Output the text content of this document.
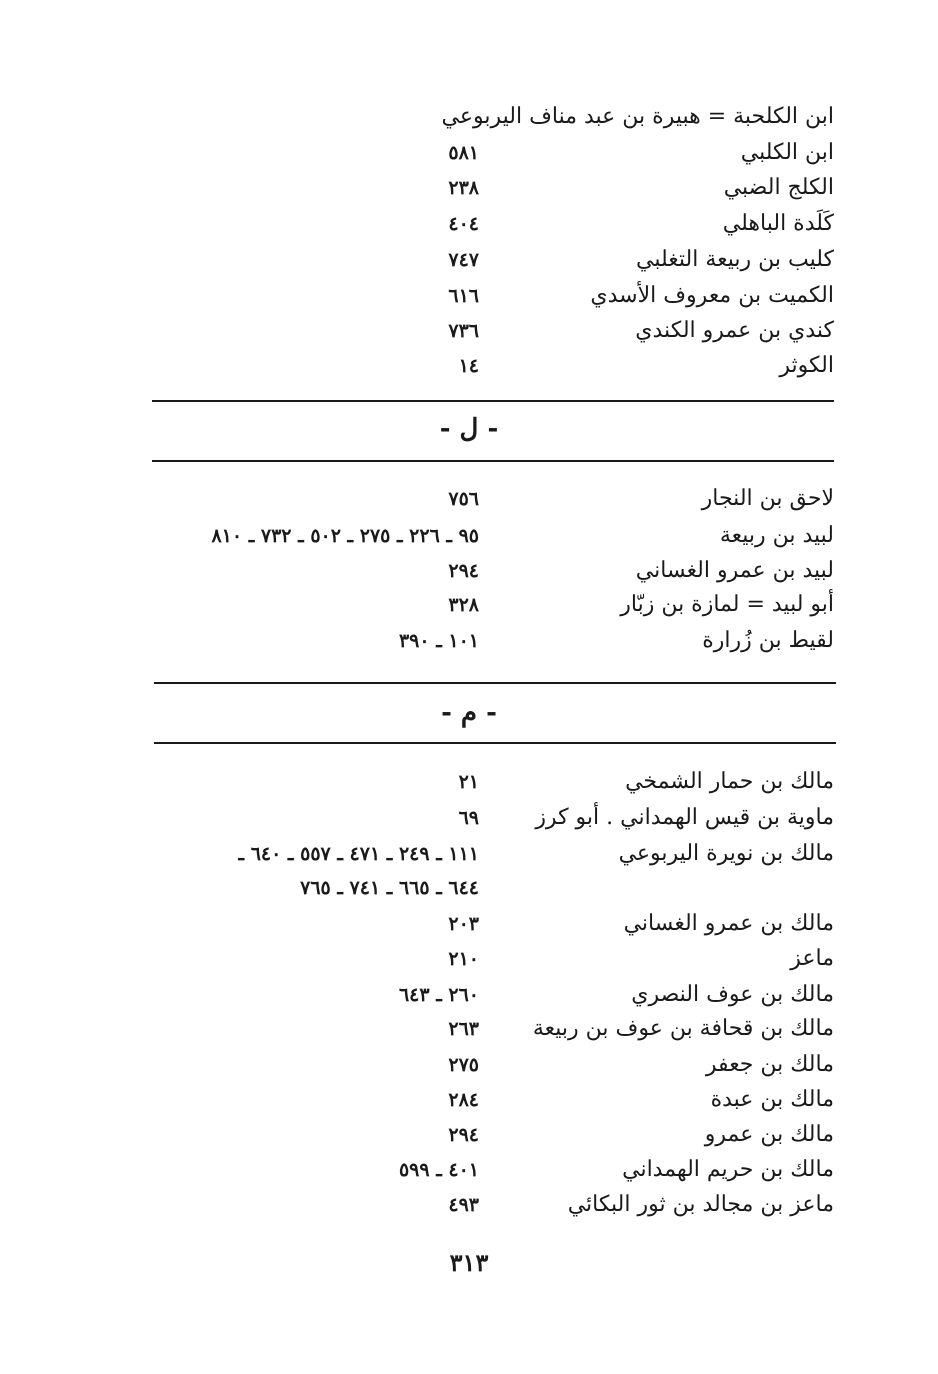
ابن الكلحبة = هبيرة بن عبد مناف اليربوعي
ابن الكلبي
٥٨١
الكلج الضبي
٢٣٨
كَلَدة الباهلي
٤٠٤
كليب بن ربيعة التغلبي
٧٤٧
الكميت بن معروف الأسدي
٦١٦
كندي بن عمرو الكندي
٧٣٦
الكوثر
١٤
- ل -
لاحق بن النجار
٧٥٦
لبيد بن ربيعة
٩٥ ـ ٢٢٦ ـ ٢٧٥ ـ ٥٠٢ ـ ٧٣٢ ـ ٨١٠
لبيد بن عمرو الغساني
٢٩٤
أبو لبيد = لمازة بن زبّار
٣٢٨
لقيط بن زُرارة
١٠١ ـ ٣٩٠
- م -
مالك بن حمار الشمخي
٢١
ماوية بن قيس الهمداني . أبو كرز
٦٩
مالك بن نويرة اليربوعي
١١١ ـ ٢٤٩ ـ ٤٧١ ـ ٥٥٧ ـ ٦٤٠ ـ
٦٤٤ ـ ٦٦٥ ـ ٧٤١ ـ ٧٦٥
مالك بن عمرو الغساني
٢٠٣
ماعز
٢١٠
مالك بن عوف النصري
٢٦٠ ـ ٦٤٣
مالك بن قحافة بن عوف بن ربيعة
٢٦٣
مالك بن جعفر
٢٧٥
مالك بن عبدة
٢٨٤
مالك بن عمرو
٢٩٤
مالك بن حريم الهمداني
٤٠١ ـ ٥٩٩
ماعز بن مجالد بن ثور البكائي
٤٩٣
٣١٣
